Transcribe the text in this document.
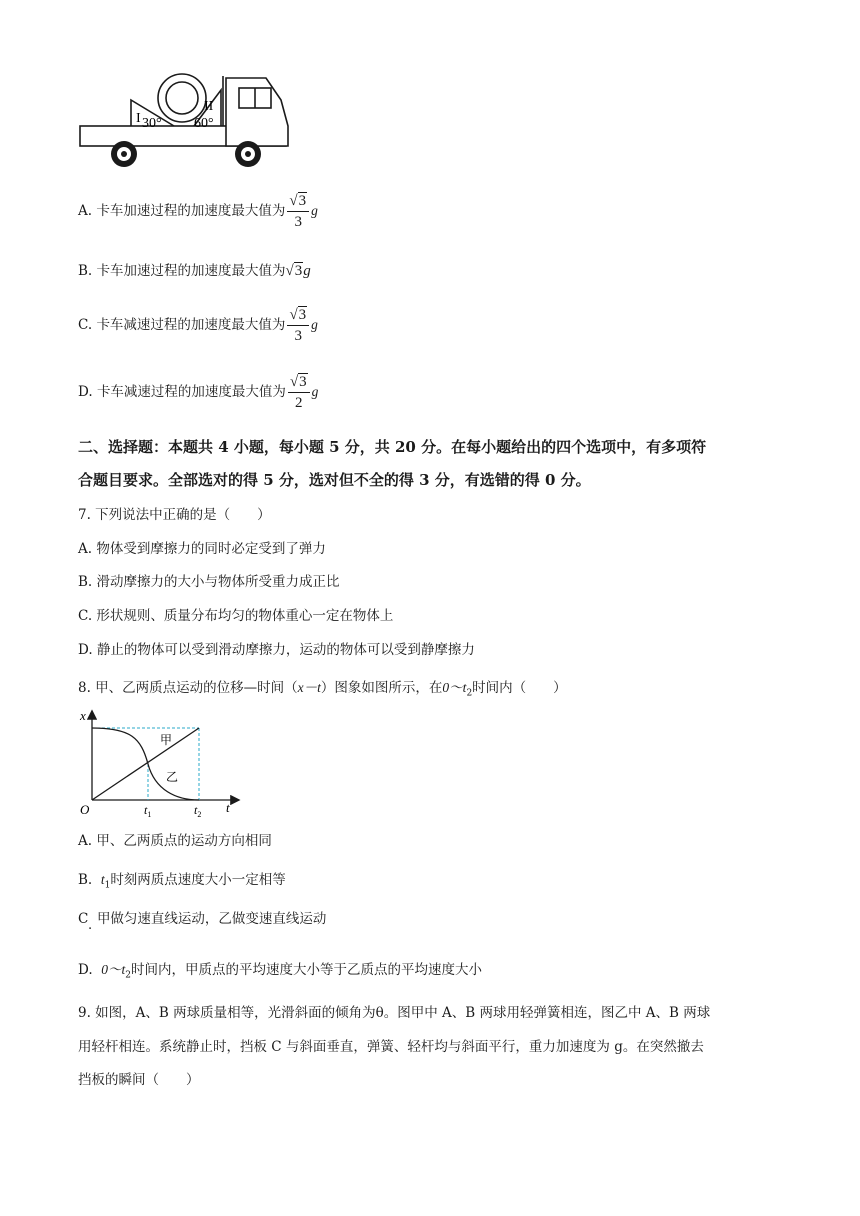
I 30°
II
60°
A. 卡车加速过程的加速度最大值为 $\frac{√3}{3}$ g
B. 卡车加速过程的加速度最大值为√3g
C. 卡车减速过程的加速度最大值为 $\frac{√3}{3}$ g
D. 卡车减速过程的加速度最大值为 $\frac{√3}{2}$ g
二、选择题：本题共 4 小题，每小题 5 分，共 20 分。在每小题给出的四个选项中，有多项符
合题目要求。全部选对的得 5 分，选对但不全的得 3 分，有选错的得 0 分。
7. 下列说法中正确的是（　　）
A. 物体受到摩擦力的同时必定受到了弹力
B. 滑动摩擦力的大小与物体所受重力成正比
C. 形状规则、质量分布均匀的物体重心一定在物体上
D. 静止的物体可以受到滑动摩擦力，运动的物体可以受到静摩擦力
8. 甲、乙两质点运动的位移—时间（x－t）图象如图所示，在$0\sim t_2$时间内（　　）
x
O	t
$t_1$	$t_2$
甲
乙
A. 甲、乙两质点的运动方向相同
B. $t_1$时刻两质点速度大小一定相等
C 甲做匀速直线运动，乙做变速直线运动
.
D. $0\sim t_2$时间内，甲质点的平均速度大小等于乙质点的平均速度大小
9. 如图，A、B 两球质量相等，光滑斜面的倾角为θ。图甲中 A、B 两球用轻弹簧相连，图乙中 A、B 两球
用轻杆相连。系统静止时，挡板 C 与斜面垂直，弹簧、轻杆均与斜面平行，重力加速度为 g。在突然撤去
挡板的瞬间（　　）
